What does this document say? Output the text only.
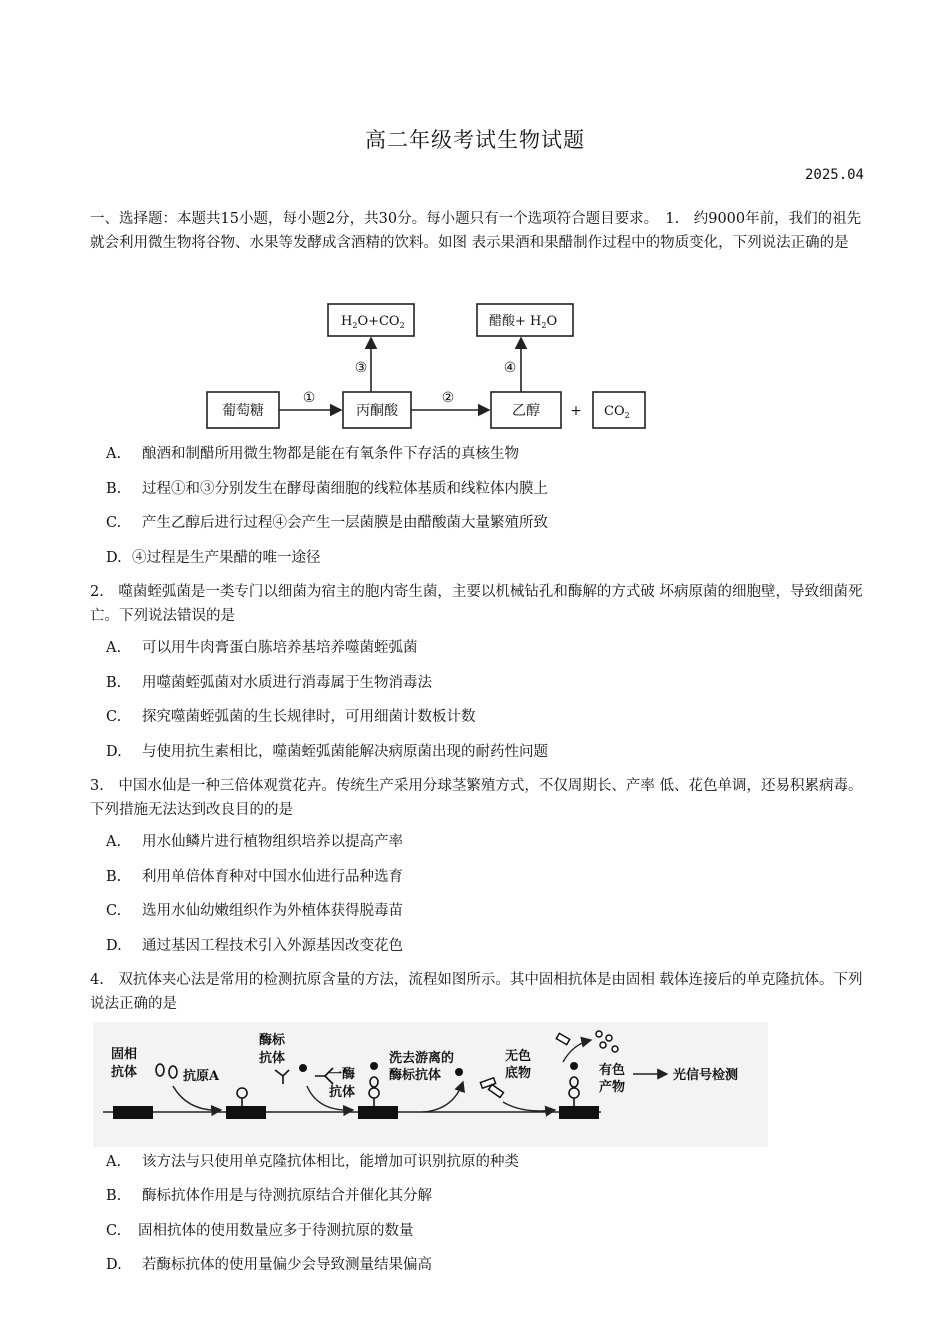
高二年级考试生物试题
2025.04
一、选择题：本题共15小题，每小题2分，共30分。每小题只有一个选项符合题目要求。　 1.　 约9000年前，我们的祖先就会利用微生物将谷物、水果等发酵成含酒精的饮料。如图 表示果酒和果醋制作过程中的物质变化，下列说法正确的是
葡萄糖	丙酮酸	乙醇 +
①	②
③	④
$CO_2$
$H_2O+CO_2$	醋酸+ $H_2O$
A. 酿酒和制醋所用微生物都是能在有氧条件下存活的真核生物
B. 过程①和③分别发生在酵母菌细胞的线粒体基质和线粒体内膜上
C. 产生乙醇后进行过程④会产生一层菌膜是由醋酸菌大量繁殖所致
D. ④过程是生产果醋的唯一途径
2.　噬菌蛭弧菌是一类专门以细菌为宿主的胞内寄生菌，主要以机械钻孔和酶解的方式破 坏病原菌的细胞壁，导致细菌死亡。下列说法错误的是
A. 可以用牛肉膏蛋白胨培养基培养噬菌蛭弧菌
B. 用噬菌蛭弧菌对水质进行消毒属于生物消毒法
C. 探究噬菌蛭弧菌的生长规律时，可用细菌计数板计数
D. 与使用抗生素相比，噬菌蛭弧菌能解决病原菌出现的耐药性问题
3.　中国水仙是一种三倍体观赏花卉。传统生产采用分球茎繁殖方式，不仅周期长、产率 低、花色单调，还易积累病毒。下列措施无法达到改良目的的是
A. 用水仙鳞片进行植物组织培养以提高产率
B. 利用单倍体育种对中国水仙进行品种选育
C. 选用水仙幼嫩组织作为外植体获得脱毒苗
D. 通过基因工程技术引入外源基因改变花色
4.　双抗体夹心法是常用的检测抗原含量的方法，流程如图所示。其中固相抗体是由固相 载体连接后的单克隆抗体。下列说法正确的是
固相抗体	抗原A
酶标抗体
一酶抗体
洗去游离的酶标抗体
无色底物	有色产物
光信号检测
A. 该方法与只使用单克隆抗体相比，能增加可识别抗原的种类
B. 酶标抗体作用是与待测抗原结合并催化其分解
C. 固相抗体的使用数量应多于待测抗原的数量
D. 若酶标抗体的使用量偏少会导致测量结果偏高
